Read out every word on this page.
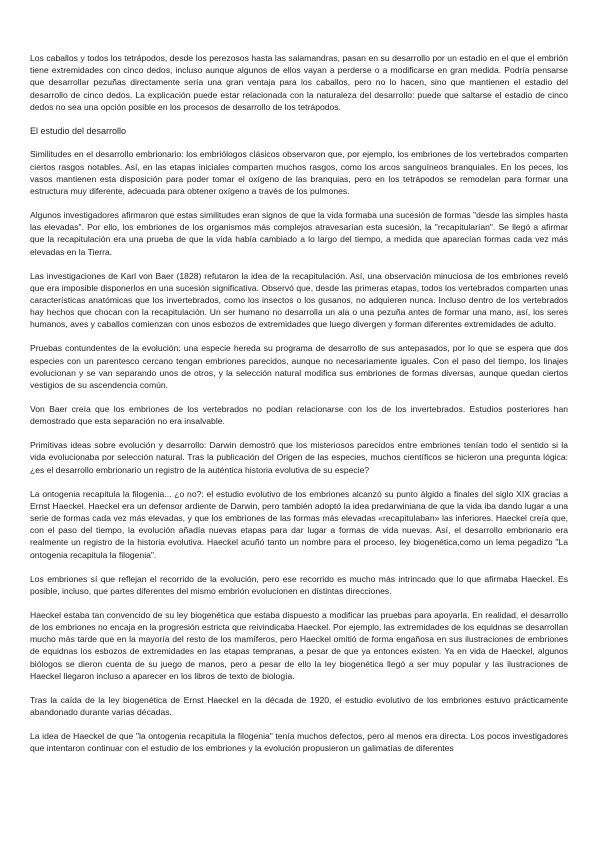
Los caballos y todos los tetrápodos, desde los perezosos hasta las salamandras, pasan en su desarrollo por un estadio en el que el embrión tiene extremidades con cinco dedos, incluso aunque algunos de ellos vayan a perderse o a modificarse en gran medida. Podría pensarse que desarrollar pezuñas directamente sería una gran ventaja para los caballos, pero no lo hacen, sino que mantienen el estadio del desarrollo de cinco dedos. La explicación puede estar relacionada con la naturaleza del desarrollo: puede que saltarse el estadio de cinco dedos no sea una opción posible en los procesos de desarrollo de los tetrápodos.

El estudio del desarrollo

Similitudes en el desarrollo embrionario: los embriólogos clásicos observaron que, por ejemplo, los embriones de los vertebrados comparten ciertos rasgos notables. Así, en las etapas iniciales comparten muchos rasgos, como los arcos sanguíneos branquiales. En los peces, los vasos mantienen esta disposición para poder tomar el oxígeno de las branquias, pero en los tetrápodos se remodelan para formar una estructura muy diferente, adecuada para obtener oxígeno a través de los pulmones.

Algunos investigadores afirmaron que estas similitudes eran signos de que la vida formaba una sucesión de formas "desde las simples hasta las elevadas". Por ello, los embriones de los organismos más complejos atravesarían esta sucesión, la "recapitularían". Se llegó a afirmar que la recapitulación era una prueba de que la vida había cambiado a lo largo del tiempo, a medida que aparecían formas cada vez más elevadas en la Tierra.

Las investigaciones de Karl von Baer (1828) refutaron la idea de la recapitulación. Así, una observación minuciosa de los embriones reveló que era imposible disponerlos en una sucesión significativa. Observó que, desde las primeras etapas, todos los vertebrados comparten unas características anatómicas que los invertebrados, como los insectos o los gusanos, no adquieren nunca. Incluso dentro de los vertebrados hay hechos que chocan con la recapitulación. Un ser humano no desarrolla un ala o una pezuña antes de formar una mano, así, los seres humanos, aves y caballos comienzan con unos esbozos de extremidades que luego divergen y forman diferentes extremidades de adulto.

Pruebas contundentes de la evolución: una especie hereda su programa de desarrollo de sus antepasados, por lo que se espera que dos especies con un parentesco cercano tengan embriones parecidos, aunque no necesariamente iguales. Con el paso del tiempo, los linajes evolucionan y se van separando unos de otros, y la selección natural modifica sus embriones de formas diversas, aunque quedan ciertos vestigios de su ascendencia común.

Von Baer creía que los embriones de los vertebrados no podían relacionarse con los de los invertebrados. Estudios posteriores han demostrado que esta separación no era insalvable.

Primitivas ideas sobre evolución y desarrollo: Darwin demostró que los misteriosos parecidos entre embriones tenían todo el sentido si la vida evolucionaba por selección natural. Tras la publicación del Origen de las especies, muchos científicos se hicieron una pregunta lógica: ¿es el desarrollo embrionario un registro de la auténtica historia evolutiva de su especie?

La ontogenia recapitula la filogenia... ¿o no?: el estudio evolutivo de los embriones alcanzó su punto álgido a finales del siglo XIX gracias a Ernst Haeckel. Haeckel era un defensor ardiente de Darwin, pero también adoptó la idea predarwiniana de que la vida iba dando lugar a una serie de formas cada vez más elevadas, y que los embriones de las formas más elevadas «recapitulaban» las inferiores. Haeckel creía que, con el paso del tiempo, la evolución añadía nuevas etapas para dar lugar a formas de vida nuevas. Así, el desarrollo embrionario era realmente un registro de la historia evolutiva. Haeckel acuñó tanto un nombre para el proceso, ley biogenética,como un lema pegadizo "La ontogenia recapitula la filogenia".

Los embriones sí que reflejan el recorrido de la evolución, pero ese recorrido es mucho más intrincado que lo que afirmaba Haeckel. Es posible, incluso, que partes diferentes del mismo embrión evolucionen en distintas direcciones.

Haeckel estaba tan convencido de su ley biogenética que estaba dispuesto a modificar las pruebas para apoyarla. En realidad, el desarrollo de los embriones no encaja en la progresión estricta que reivindicaba Haeckel. Por ejemplo, las extremidades de los equidnas se desarrollan mucho más tarde que en la mayoría del resto de los mamíferos, pero Haeckel omitió de forma engañosa en sus ilustraciones de embriones de equidnas los esbozos de extremidades en las etapas tempranas, a pesar de que ya entonces existen. Ya en vida de Haeckel, algunos biólogos se dieron cuenta de su juego de manos, pero a pesar de ello la ley biogenética llegó a ser muy popular y las ilustraciones de Haeckel llegaron incluso a aparecer en los libros de texto de biología.

Tras la caída de la ley biogenética de Ernst Haeckel en la década de 1920, el estudio evolutivo de los embriones estuvo prácticamente abandonado durante varias décadas.

La idea de Haeckel de que "la ontogenia recapitula la filogenia" tenía muchos defectos, pero al menos era directa. Los pocos investigadores que intentaron continuar con el estudio de los embriones y la evolución propusieron un galimatías de diferentes
